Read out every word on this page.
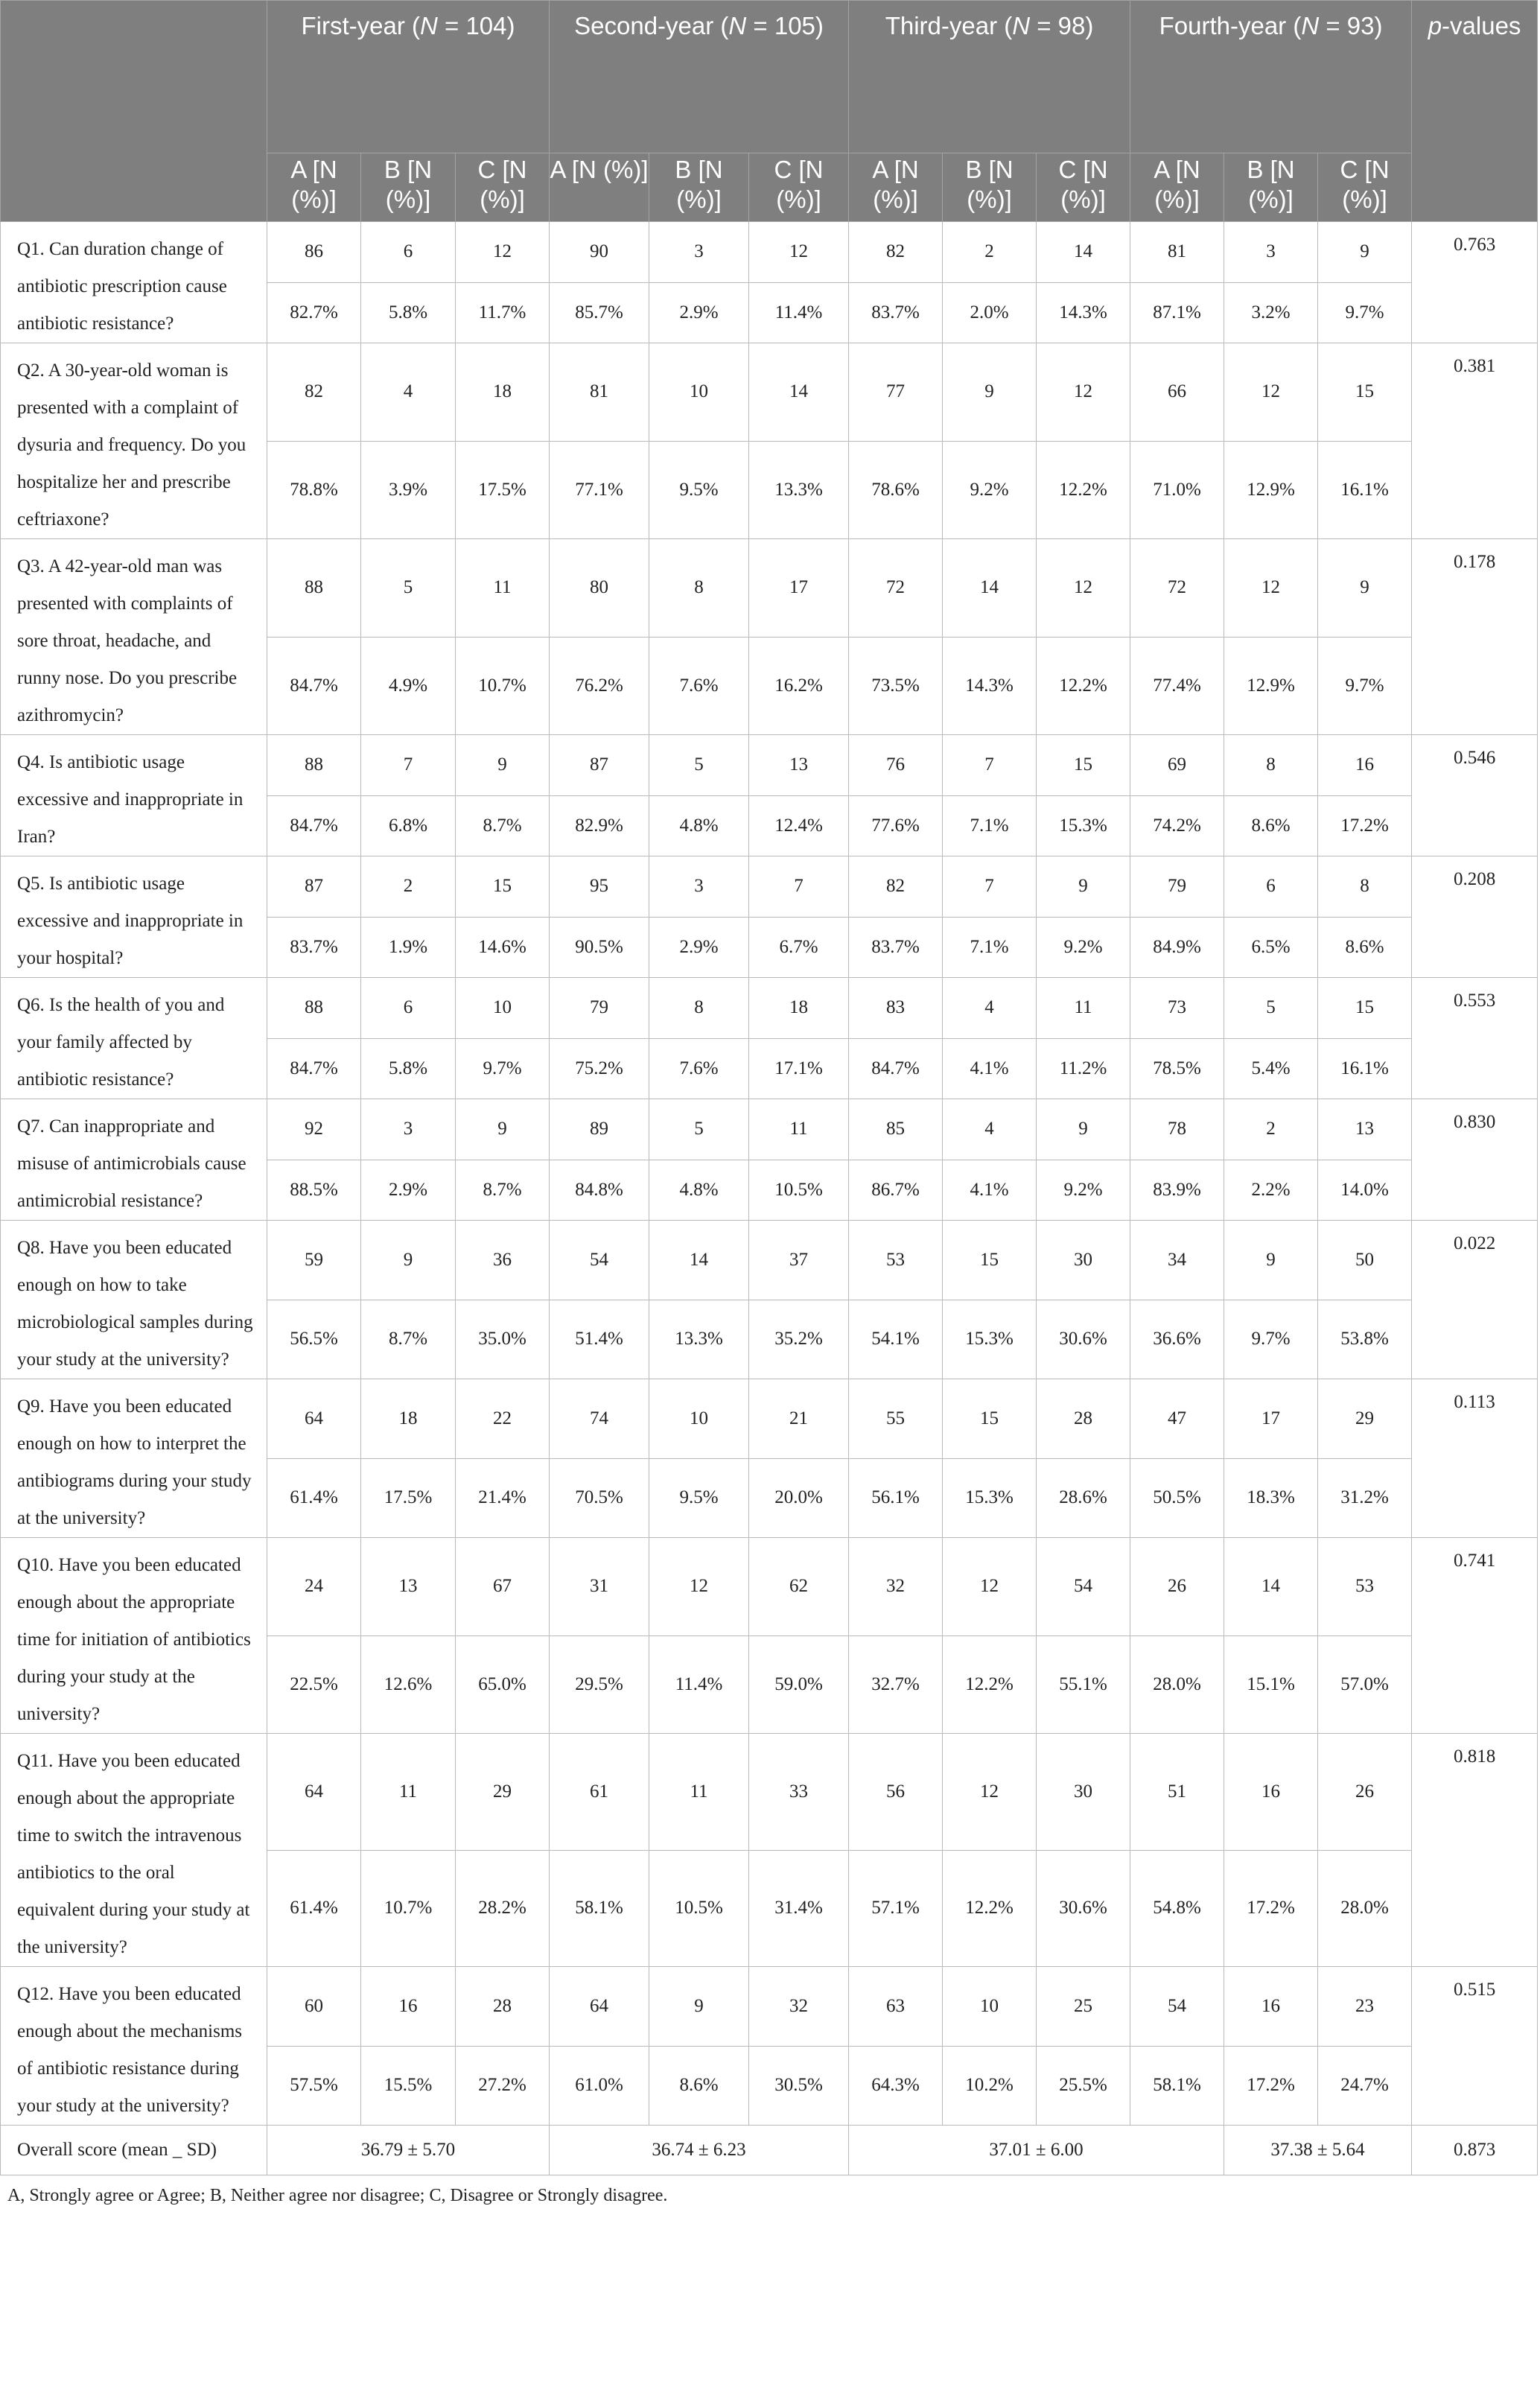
	First-year (N = 104)			Second-year (N = 105)			Third-year (N = 98)			Fourth-year (N = 93)			p-values
	A [N (%)]	B [N (%)]	C [N (%)]	A [N (%)]	B [N (%)]	C [N (%)]	A [N (%)]	B [N (%)]	C [N (%)]	A [N (%)]	B [N (%)]	C [N (%)]	
Q1. Can duration change of antibiotic prescription cause antibiotic resistance?	86	6	12	90	3	12	82	2	14	81	3	9	0.763
	82.7%	5.8%	11.7%	85.7%	2.9%	11.4%	83.7%	2.0%	14.3%	87.1%	3.2%	9.7%	
Q2. A 30-year-old woman is presented with a complaint of dysuria and frequency. Do you hospitalize her and prescribe ceftriaxone?	82	4	18	81	10	14	77	9	12	66	12	15	0.381
	78.8%	3.9%	17.5%	77.1%	9.5%	13.3%	78.6%	9.2%	12.2%	71.0%	12.9%	16.1%	
Q3. A 42-year-old man was presented with complaints of sore throat, headache, and runny nose. Do you prescribe azithromycin?	88	5	11	80	8	17	72	14	12	72	12	9	0.178
	84.7%	4.9%	10.7%	76.2%	7.6%	16.2%	73.5%	14.3%	12.2%	77.4%	12.9%	9.7%	
Q4. Is antibiotic usage excessive and inappropriate in Iran?	88	7	9	87	5	13	76	7	15	69	8	16	0.546
	84.7%	6.8%	8.7%	82.9%	4.8%	12.4%	77.6%	7.1%	15.3%	74.2%	8.6%	17.2%	
Q5. Is antibiotic usage excessive and inappropriate in your hospital?	87	2	15	95	3	7	82	7	9	79	6	8	0.208
	83.7%	1.9%	14.6%	90.5%	2.9%	6.7%	83.7%	7.1%	9.2%	84.9%	6.5%	8.6%	
Q6. Is the health of you and your family affected by antibiotic resistance?	88	6	10	79	8	18	83	4	11	73	5	15	0.553
	84.7%	5.8%	9.7%	75.2%	7.6%	17.1%	84.7%	4.1%	11.2%	78.5%	5.4%	16.1%	
Q7. Can inappropriate and misuse of antimicrobials cause antimicrobial resistance?	92	3	9	89	5	11	85	4	9	78	2	13	0.830
	88.5%	2.9%	8.7%	84.8%	4.8%	10.5%	86.7%	4.1%	9.2%	83.9%	2.2%	14.0%	
Q8. Have you been educated enough on how to take microbiological samples during your study at the university?	59	9	36	54	14	37	53	15	30	34	9	50	0.022
	56.5%	8.7%	35.0%	51.4%	13.3%	35.2%	54.1%	15.3%	30.6%	36.6%	9.7%	53.8%	
Q9. Have you been educated enough on how to interpret the antibiograms during your study at the university?	64	18	22	74	10	21	55	15	28	47	17	29	0.113
	61.4%	17.5%	21.4%	70.5%	9.5%	20.0%	56.1%	15.3%	28.6%	50.5%	18.3%	31.2%	
Q10. Have you been educated enough about the appropriate time for initiation of antibiotics during your study at the university?	24	13	67	31	12	62	32	12	54	26	14	53	0.741
	22.5%	12.6%	65.0%	29.5%	11.4%	59.0%	32.7%	12.2%	55.1%	28.0%	15.1%	57.0%	
Q11. Have you been educated enough about the appropriate time to switch the intravenous antibiotics to the oral equivalent during your study at the university?	64	11	29	61	11	33	56	12	30	51	16	26	0.818
	61.4%	10.7%	28.2%	58.1%	10.5%	31.4%	57.1%	12.2%	30.6%	54.8%	17.2%	28.0%	
Q12. Have you been educated enough about the mechanisms of antibiotic resistance during your study at the university?	60	16	28	64	9	32	63	10	25	54	16	23	0.515
	57.5%	15.5%	27.2%	61.0%	8.6%	30.5%	64.3%	10.2%	25.5%	58.1%	17.2%	24.7%	
Overall score (mean _ SD)	36.79 ± 5.70			36.74 ± 6.23			37.01 ± 6.00				37.38 ± 5.64		0.873
A, Strongly agree or Agree; B, Neither agree nor disagree; C, Disagree or Strongly disagree.
